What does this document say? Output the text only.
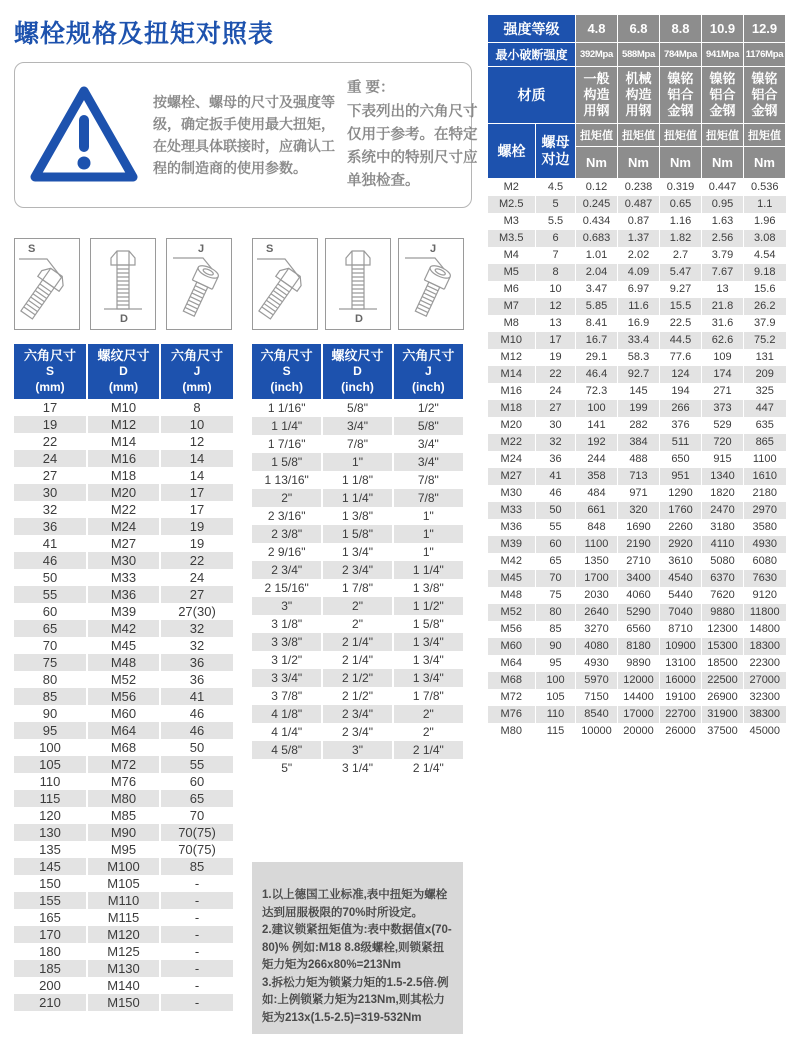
螺栓规格及扭矩对照表
按螺栓、螺母的尺寸及强度等级，确定扳手使用最大扭矩，在处理具体联接时，应确认工程的制造商的使用参数。
重 要：
下表列出的六角尺寸仅用于参考。在特定系统中的特别尺寸应单独检查。
S
D
J	S
D
J
六角尺寸
S
(mm)	螺纹尺寸
D
(mm)	六角尺寸
J
(mm)
17	M10	8
19	M12	10
22	M14	12
24	M16	14
27	M18	14
30	M20	17
32	M22	17
36	M24	19
41	M27	19
46	M30	22
50	M33	24
55	M36	27
60	M39	27(30)
65	M42	32
70	M45	32
75	M48	36
80	M52	36
85	M56	41
90	M60	46
95	M64	46
100	M68	50
105	M72	55
110	M76	60
115	M80	65
120	M85	70
130	M90	70(75)
135	M95	70(75)
145	M100	85
150	M105	-
155	M110	-
165	M115	-
170	M120	-
180	M125	-
185	M130	-
200	M140	-
210	M150	-
六角尺寸
S
(inch)	螺纹尺寸
D
(inch)	六角尺寸
J
(inch)
1 1/16"	5/8"	1/2"
1 1/4"	3/4"	5/8"
1 7/16"	7/8"	3/4"
1 5/8"	1"	3/4"
1 13/16"	1 1/8"	7/8"
2"	1 1/4"	7/8"
2 3/16"	1 3/8"	1"
2 3/8"	1 5/8"	1"
2 9/16"	1 3/4"	1"
2 3/4"	2 3/4"	1 1/4"
2 15/16"	1 7/8"	1 3/8"
3"	2"	1 1/2"
3 1/8"	2"	1 5/8"
3 3/8"	2 1/4"	1 3/4"
3 1/2"	2 1/4"	1 3/4"
3 3/4"	2 1/2"	1 3/4"
3 7/8"	2 1/2"	1 7/8"
4 1/8"	2 3/4"	2"
4 1/4"	2 3/4"	2"
4 5/8"	3"	2 1/4"
5"	3 1/4"	2 1/4"
强度等级		4.8	6.8	8.8	10.9	12.9
最小破断强度		392Mpa	588Mpa	784Mpa	941Mpa	1176Mpa
材质		一般构造用钢	机械构造用钢	镍铭铝合金钢	镍铭铝合金钢	镍铭铝合金钢
螺栓	螺母对边	扭矩值	扭矩值	扭矩值	扭矩值	扭矩值
		Nm	Nm	Nm	Nm	Nm
M2	4.5	0.12	0.238	0.319	0.447	0.536
M2.5	5	0.245	0.487	0.65	0.95	1.1
M3	5.5	0.434	0.87	1.16	1.63	1.96
M3.5	6	0.683	1.37	1.82	2.56	3.08
M4	7	1.01	2.02	2.7	3.79	4.54
M5	8	2.04	4.09	5.47	7.67	9.18
M6	10	3.47	6.97	9.27	13	15.6
M7	12	5.85	11.6	15.5	21.8	26.2
M8	13	8.41	16.9	22.5	31.6	37.9
M10	17	16.7	33.4	44.5	62.6	75.2
M12	19	29.1	58.3	77.6	109	131
M14	22	46.4	92.7	124	174	209
M16	24	72.3	145	194	271	325
M18	27	100	199	266	373	447
M20	30	141	282	376	529	635
M22	32	192	384	511	720	865
M24	36	244	488	650	915	1100
M27	41	358	713	951	1340	1610
M30	46	484	971	1290	1820	2180
M33	50	661	320	1760	2470	2970
M36	55	848	1690	2260	3180	3580
M39	60	1100	2190	2920	4110	4930
M42	65	1350	2710	3610	5080	6080
M45	70	1700	3400	4540	6370	7630
M48	75	2030	4060	5440	7620	9120
M52	80	2640	5290	7040	9880	11800
M56	85	3270	6560	8710	12300	14800
M60	90	4080	8180	10900	15300	18300
M64	95	4930	9890	13100	18500	22300
M68	100	5970	12000	16000	22500	27000
M72	105	7150	14400	19100	26900	32300
M76	110	8540	17000	22700	31900	38300
M80	115	10000	20000	26000	37500	45000
1.以上德国工业标准,表中扭矩为螺栓达到屈服极限的70%时所设定。
2.建议锁紧扭矩值为:表中数据值x(70-80)% 例如:M18 8.8级螺栓,则锁紧扭矩力矩为266x80%=213Nm
3.拆松力矩为锁紧力矩的1.5-2.5倍.例如:上例锁紧力矩为213Nm,则其松力矩为213x(1.5-2.5)=319-532Nm
